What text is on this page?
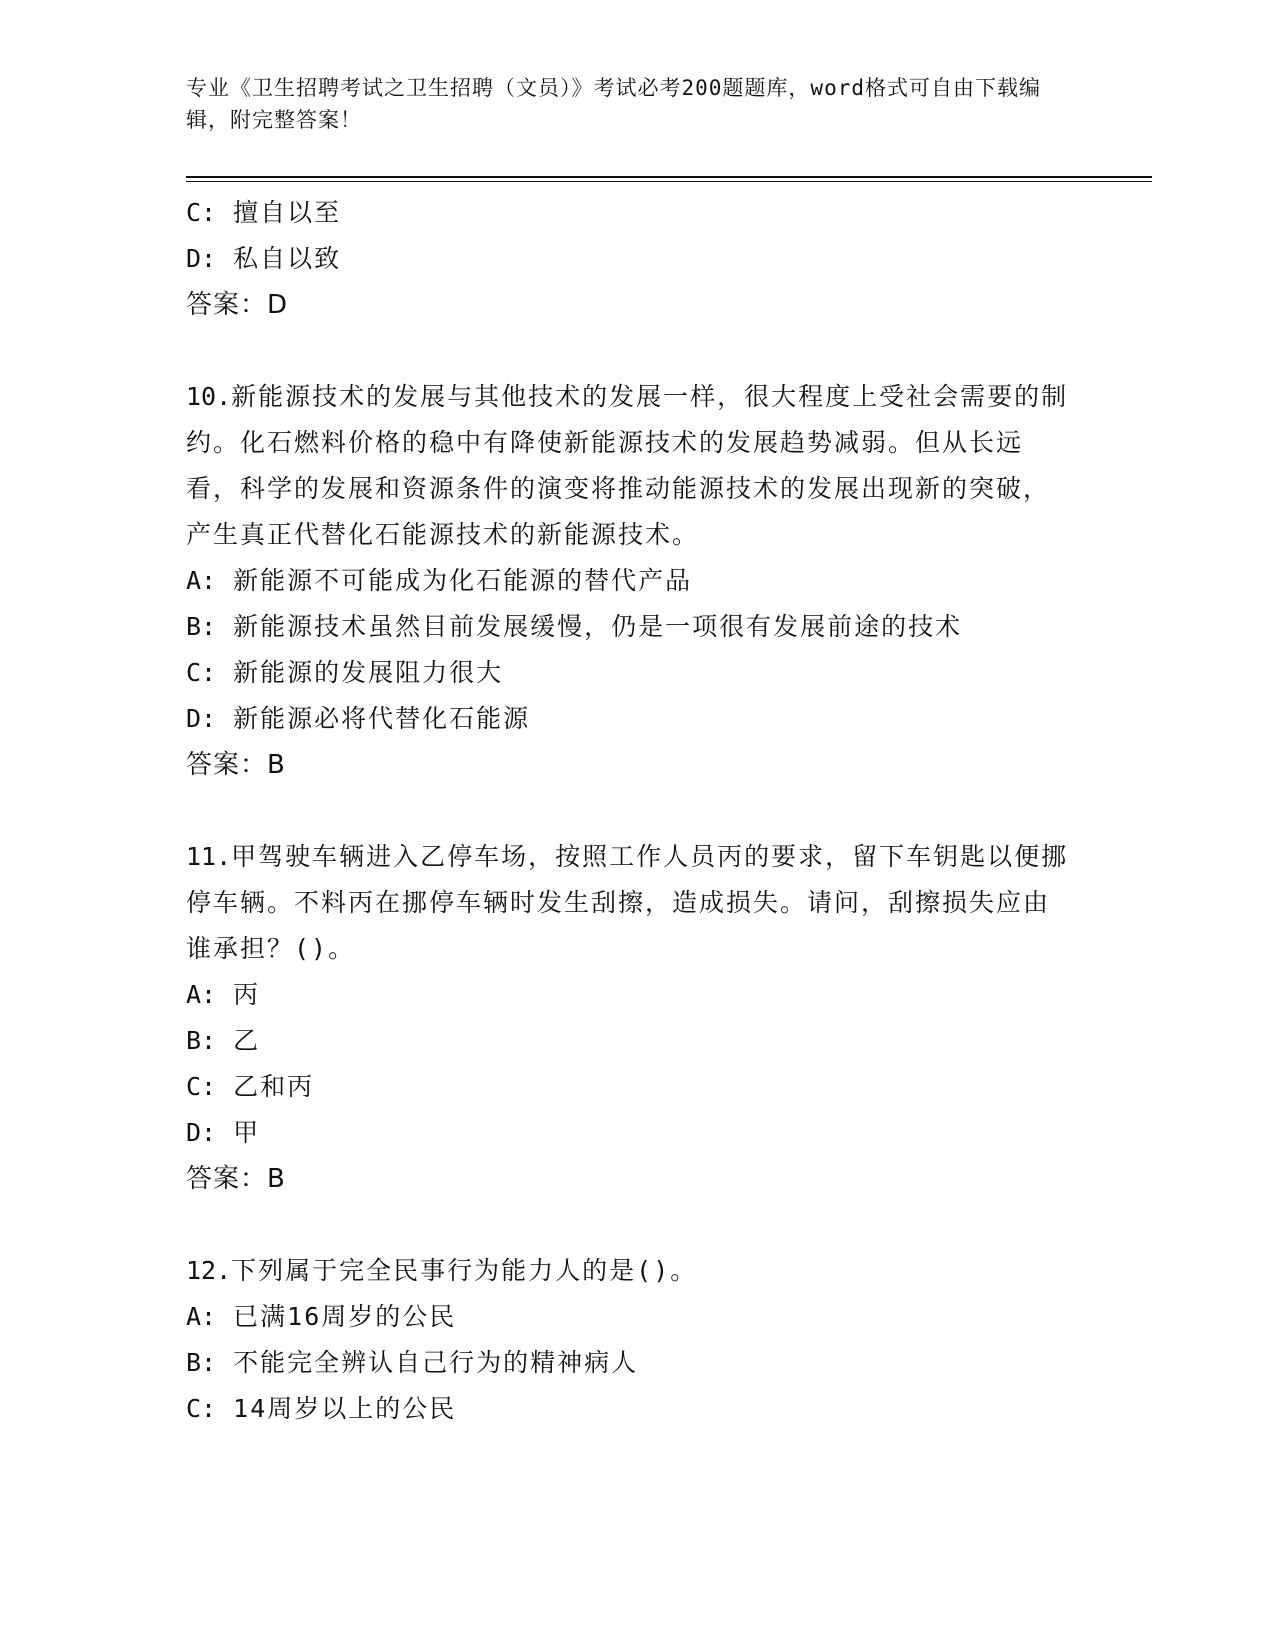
专业《卫生招聘考试之卫生招聘（文员）》考试必考200题题库，word格式可自由下载编辑，附完整答案！
C: 擅自以至
D: 私自以致
答案：D
10.新能源技术的发展与其他技术的发展一样，很大程度上受社会需要的制约。化石燃料价格的稳中有降使新能源技术的发展趋势减弱。但从长远看，科学的发展和资源条件的演变将推动能源技术的发展出现新的突破，产生真正代替化石能源技术的新能源技术。
A: 新能源不可能成为化石能源的替代产品
B: 新能源技术虽然目前发展缓慢，仍是一项很有发展前途的技术
C: 新能源的发展阻力很大
D: 新能源必将代替化石能源
答案：B
11.甲驾驶车辆进入乙停车场，按照工作人员丙的要求，留下车钥匙以便挪停车辆。不料丙在挪停车辆时发生刮擦，造成损失。请问，刮擦损失应由谁承担？()。
A: 丙
B: 乙
C: 乙和丙
D: 甲
答案：B
12.下列属于完全民事行为能力人的是()。
A: 已满16周岁的公民
B: 不能完全辨认自己行为的精神病人
C: 14周岁以上的公民
